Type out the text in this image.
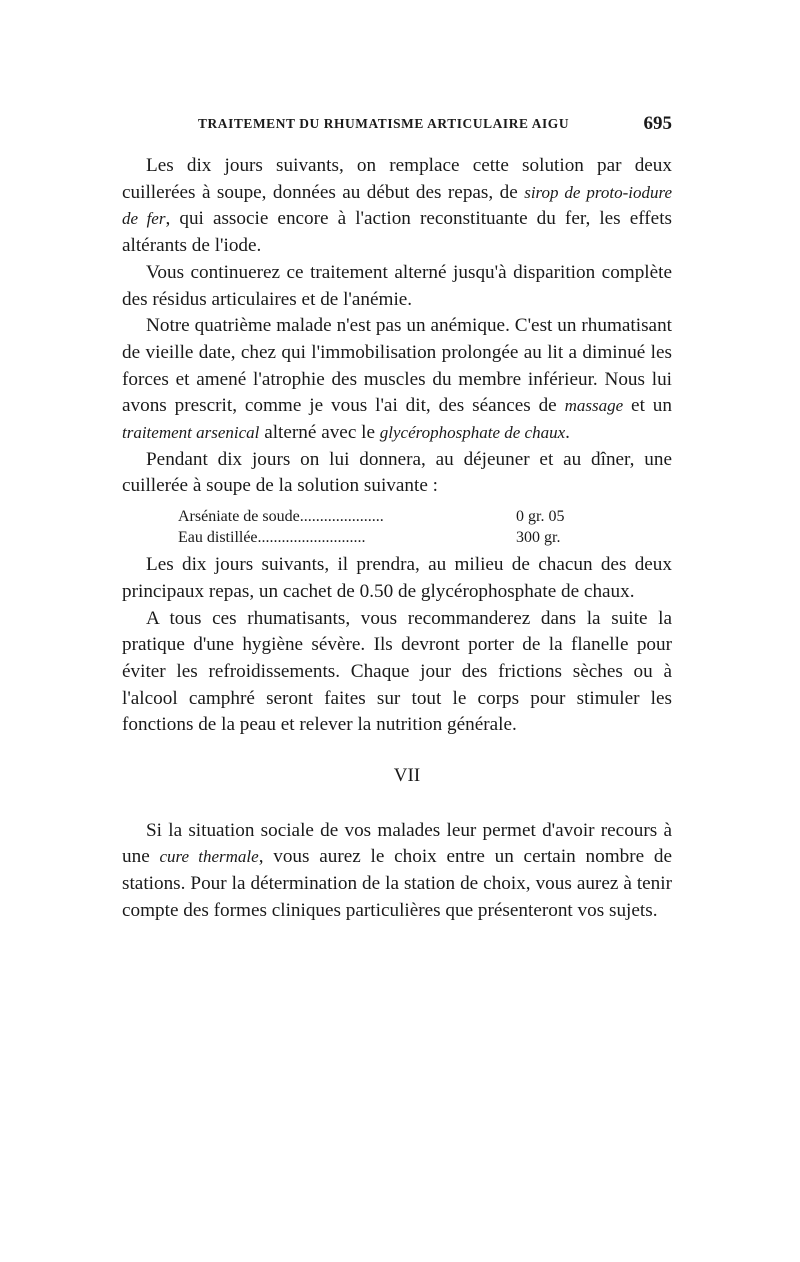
TRAITEMENT DU RHUMATISME ARTICULAIRE AIGU	695

Les dix jours suivants, on remplace cette solution par deux cuillerées à soupe, données au début des repas, de sirop de proto-iodure de fer, qui associe encore à l'action reconstituante du fer, les effets altérants de l'iode.

Vous continuerez ce traitement alterné jusqu'à disparition complète des résidus articulaires et de l'anémie.

Notre quatrième malade n'est pas un anémique. C'est un rhumatisant de vieille date, chez qui l'immobilisation prolongée au lit a diminué les forces et amené l'atrophie des muscles du membre inférieur. Nous lui avons prescrit, comme je vous l'ai dit, des séances de massage et un traitement arsenical alterné avec le glycérophosphate de chaux.

Pendant dix jours on lui donnera, au déjeuner et au dîner, une cuillerée à soupe de la solution suivante :

Arséniate de soude.....................	0 gr. 05
Eau distillée...........................	300 gr.

Les dix jours suivants, il prendra, au milieu de chacun des deux principaux repas, un cachet de 0.50 de glycérophosphate de chaux.

A tous ces rhumatisants, vous recommanderez dans la suite la pratique d'une hygiène sévère. Ils devront porter de la flanelle pour éviter les refroidissements. Chaque jour des frictions sèches ou à l'alcool camphré seront faites sur tout le corps pour stimuler les fonctions de la peau et relever la nutrition générale.

VII

Si la situation sociale de vos malades leur permet d'avoir recours à une cure thermale, vous aurez le choix entre un certain nombre de stations. Pour la détermination de la station de choix, vous aurez à tenir compte des formes cliniques particulières que présenteront vos sujets.
